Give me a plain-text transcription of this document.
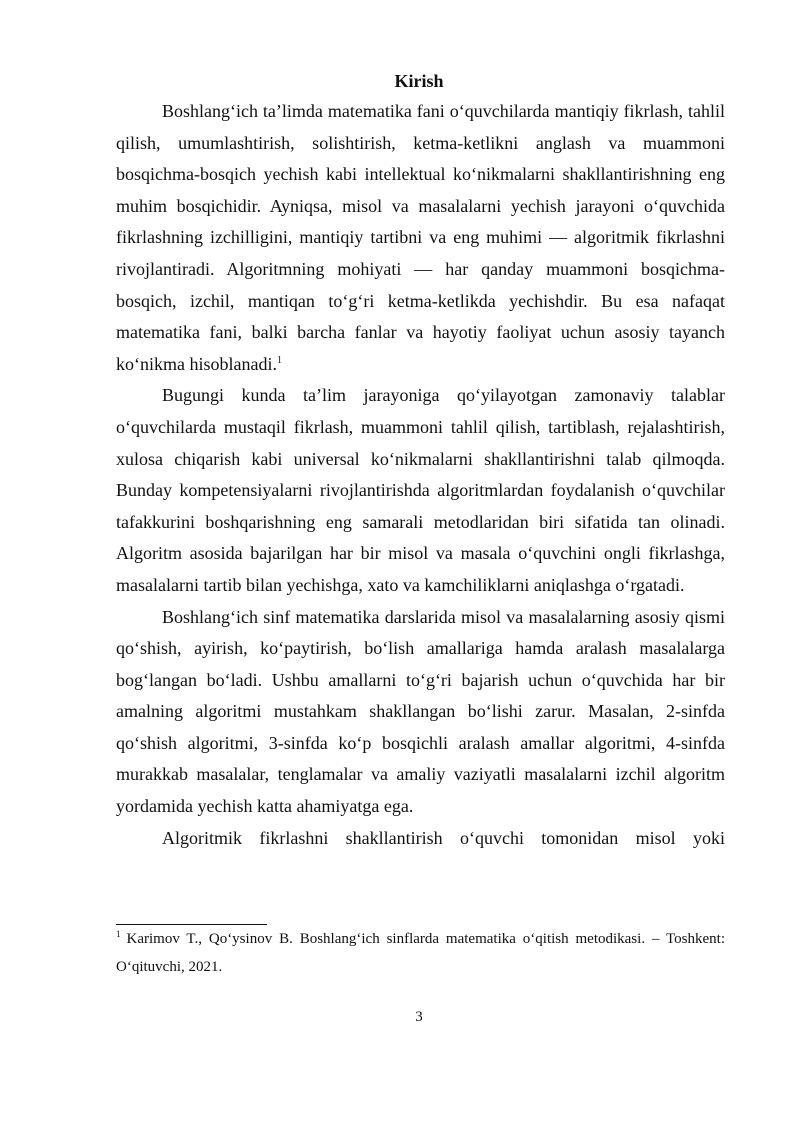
Kirish

Boshlang‘ich ta’limda matematika fani o‘quvchilarda mantiqiy fikrlash, tahlil qilish, umumlashtirish, solishtirish, ketma-ketlikni anglash va muammoni bosqichma-bosqich yechish kabi intellektual ko‘nikmalarni shakllantirishning eng muhim bosqichidir. Ayniqsa, misol va masalalarni yechish jarayoni o‘quvchida fikrlashning izchilligini, mantiqiy tartibni va eng muhimi — algoritmik fikrlashni rivojlantiradi. Algoritmning mohiyati — har qanday muammoni bosqichma-bosqich, izchil, mantiqan to‘g‘ri ketma-ketlikda yechishdir. Bu esa nafaqat matematika fani, balki barcha fanlar va hayotiy faoliyat uchun asosiy tayanch ko‘nikma hisoblanadi.$^1$

Bugungi kunda ta’lim jarayoniga qo‘yilayotgan zamonaviy talablar o‘quvchilarda mustaqil fikrlash, muammoni tahlil qilish, tartiblash, rejalashtirish, xulosa chiqarish kabi universal ko‘nikmalarni shakllantirishni talab qilmoqda. Bunday kompetensiyalarni rivojlantirishda algoritmlardan foydalanish o‘quvchilar tafakkurini boshqarishning eng samarali metodlaridan biri sifatida tan olinadi. Algoritm asosida bajarilgan har bir misol va masala o‘quvchini ongli fikrlashga, masalalarni tartib bilan yechishga, xato va kamchiliklarni aniqlashga o‘rgatadi.

Boshlang‘ich sinf matematika darslarida misol va masalalarning asosiy qismi qo‘shish, ayirish, ko‘paytirish, bo‘lish amallariga hamda aralash masalalarga bog‘langan bo‘ladi. Ushbu amallarni to‘g‘ri bajarish uchun o‘quvchida har bir amalning algoritmi mustahkam shakllangan bo‘lishi zarur. Masalan, 2-sinfda qo‘shish algoritmi, 3-sinfda ko‘p bosqichli aralash amallar algoritmi, 4-sinfda murakkab masalalar, tenglamalar va amaliy vaziyatli masalalarni izchil algoritm yordamida yechish katta ahamiyatga ega.

Algoritmik fikrlashni shakllantirish o‘quvchi tomonidan misol yoki

$^1$ Karimov T., Qo‘ysinov B. Boshlang‘ich sinflarda matematika o‘qitish metodikasi. – Toshkent: O‘qituvchi, 2021.

3
